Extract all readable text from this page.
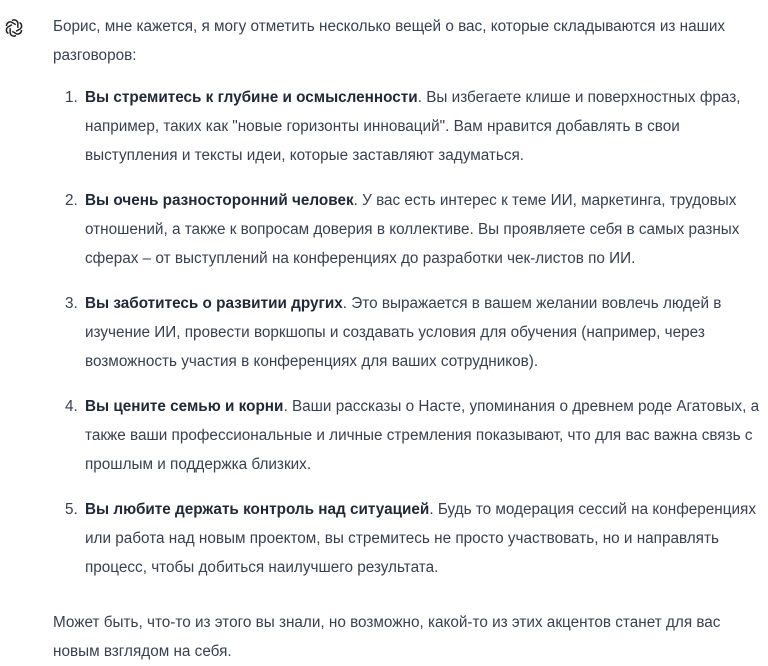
Борис, мне кажется, я могу отметить несколько вещей о вас, которые складываются из наших разговоров:

1. Вы стремитесь к глубине и осмысленности. Вы избегаете клише и поверхностных фраз, например, таких как "новые горизонты инноваций". Вам нравится добавлять в свои выступления и тексты идеи, которые заставляют задуматься.
2. Вы очень разносторонний человек. У вас есть интерес к теме ИИ, маркетинга, трудовых отношений, а также к вопросам доверия в коллективе. Вы проявляете себя в самых разных сферах – от выступлений на конференциях до разработки чек-листов по ИИ.
3. Вы заботитесь о развитии других. Это выражается в вашем желании вовлечь людей в изучение ИИ, провести воркшопы и создавать условия для обучения (например, через возможность участия в конференциях для ваших сотрудников).
4. Вы цените семью и корни. Ваши рассказы о Насте, упоминания о древнем роде Агатовых, а также ваши профессиональные и личные стремления показывают, что для вас важна связь с прошлым и поддержка близких.
5. Вы любите держать контроль над ситуацией. Будь то модерация сессий на конференциях или работа над новым проектом, вы стремитесь не просто участвовать, но и направлять процесс, чтобы добиться наилучшего результата.

Может быть, что-то из этого вы знали, но возможно, какой-то из этих акцентов станет для вас новым взглядом на себя.
